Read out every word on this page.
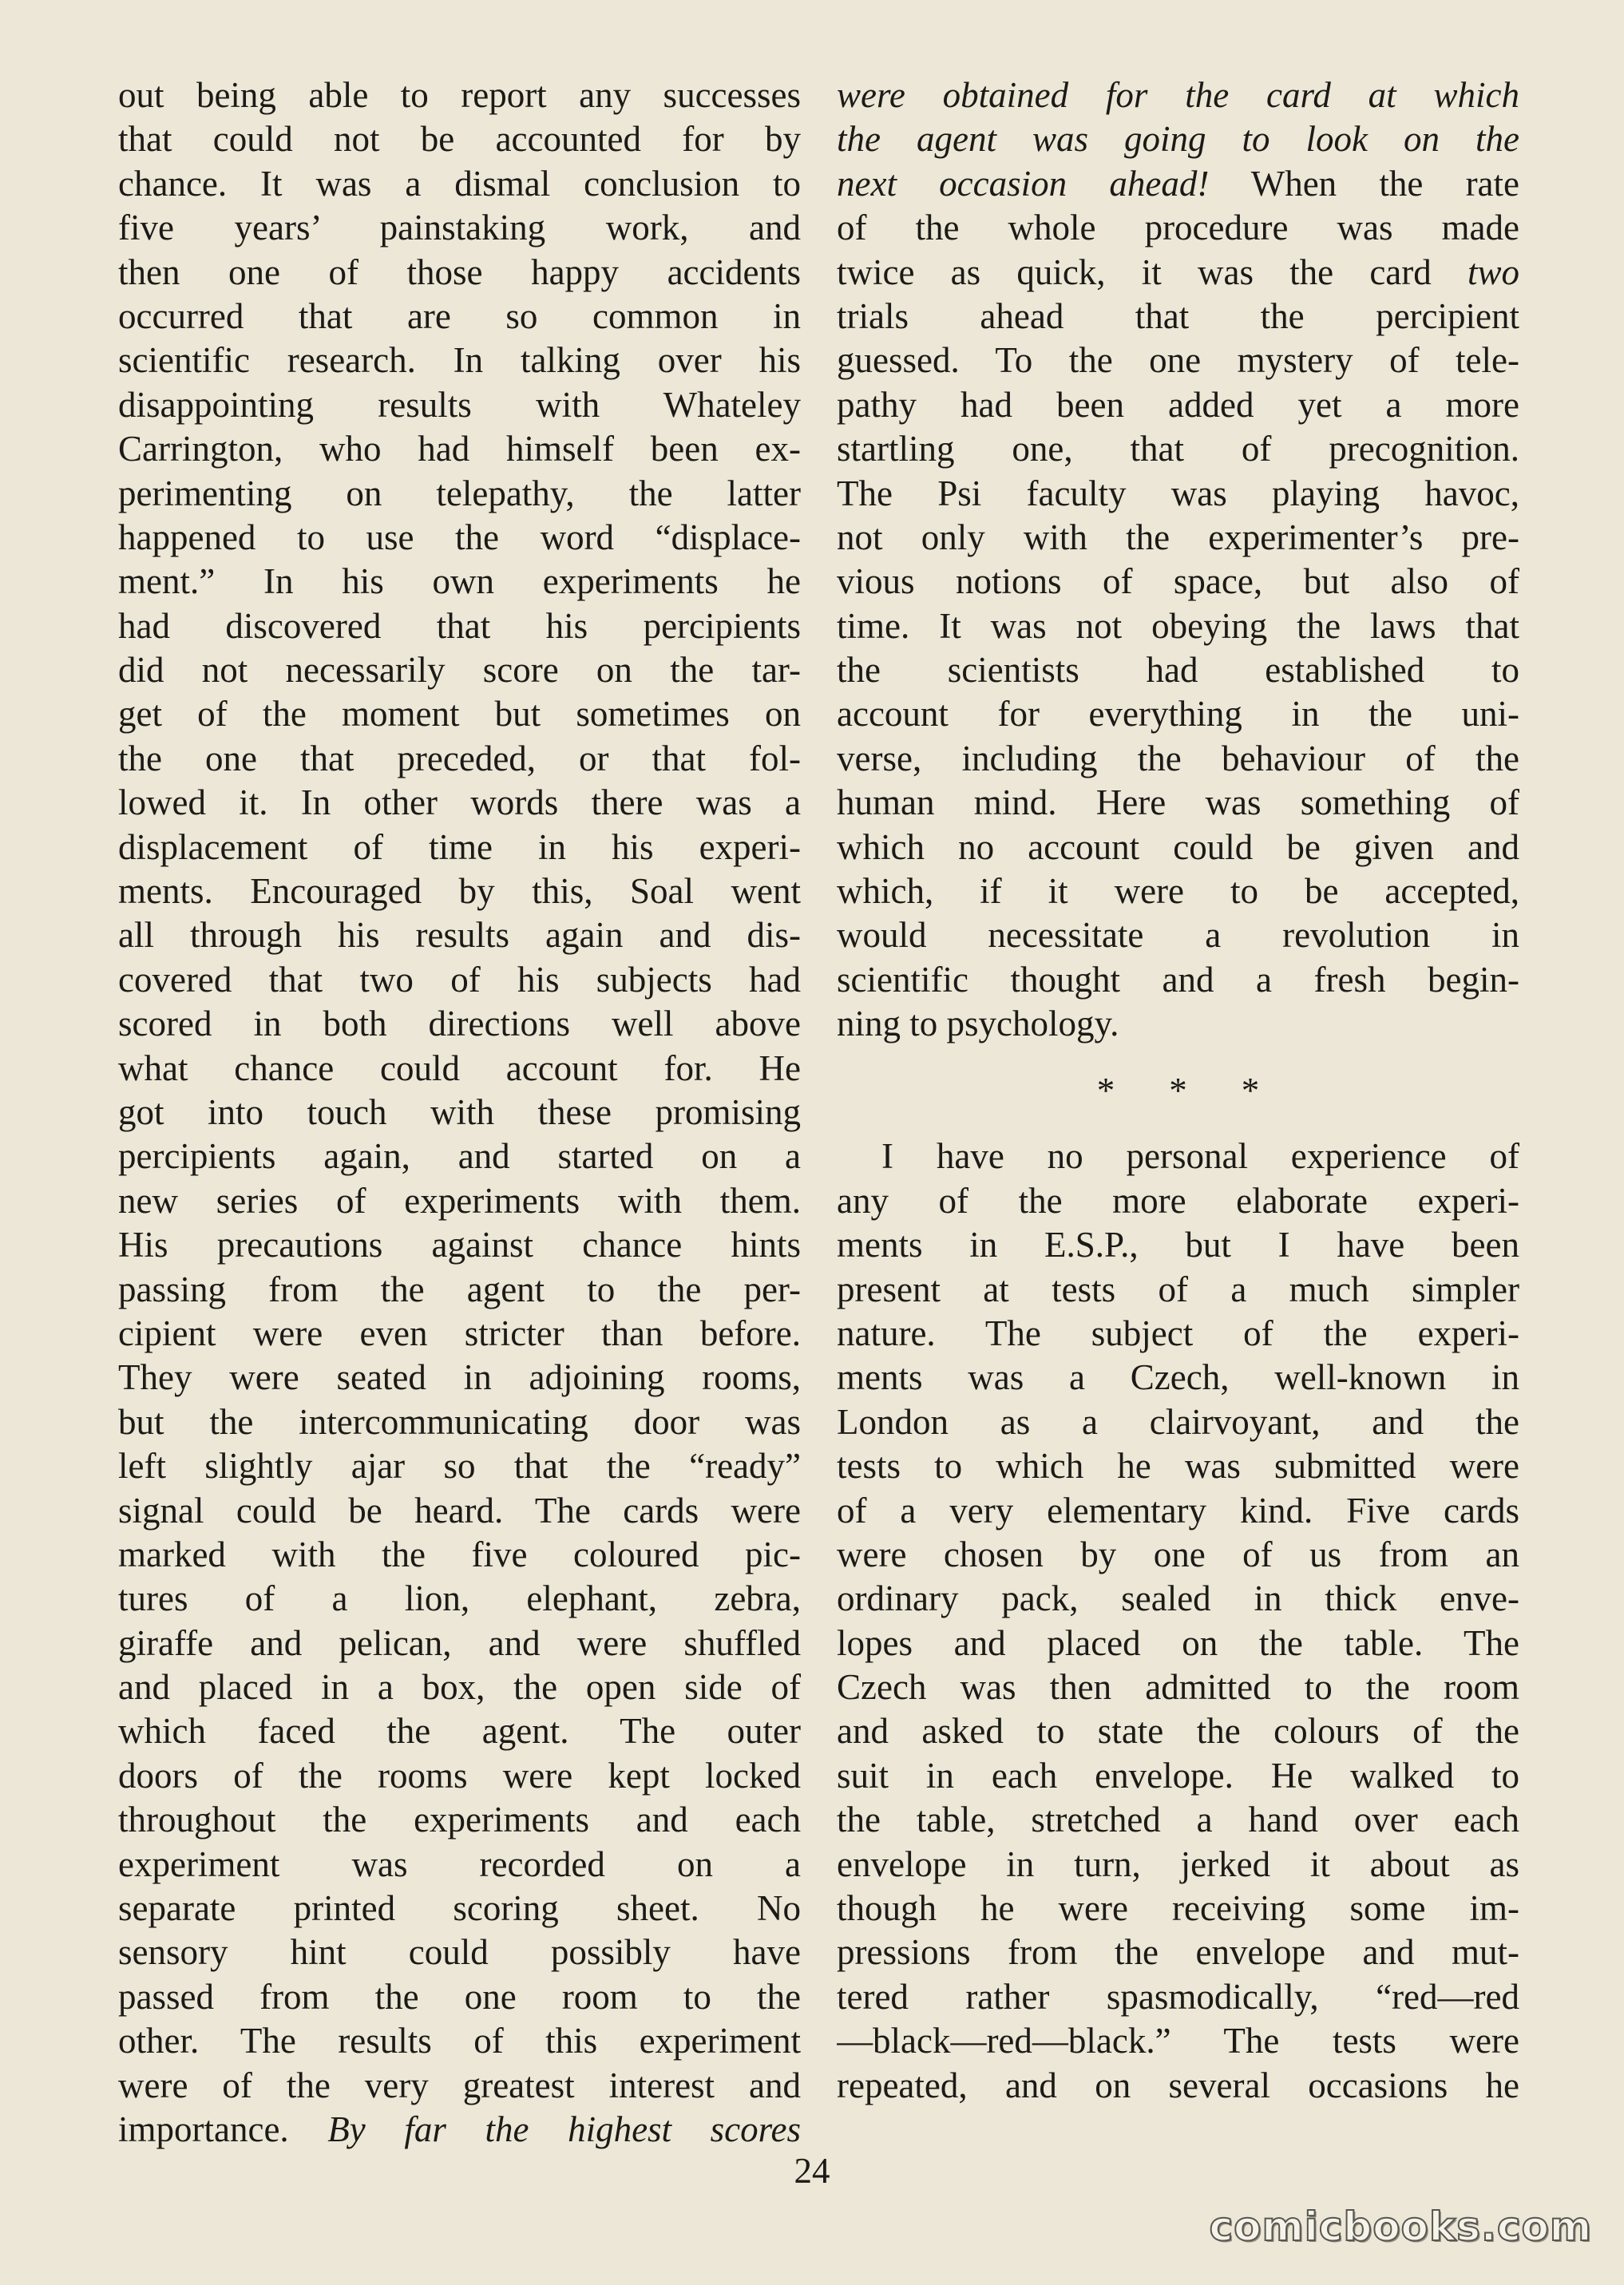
out being able to report any successes
that could not be accounted for by
chance. It was a dismal conclusion to
five years’ painstaking work, and
then one of those happy accidents
occurred that are so common in
scientific research. In talking over his
disappointing results with Whateley
Carrington, who had himself been ex-
perimenting on telepathy, the latter
happened to use the word “displace-
ment.” In his own experiments he
had discovered that his percipients
did not necessarily score on the tar-
get of the moment but sometimes on
the one that preceded, or that fol-
lowed it. In other words there was a
displacement of time in his experi-
ments. Encouraged by this, Soal went
all through his results again and dis-
covered that two of his subjects had
scored in both directions well above
what chance could account for. He
got into touch with these promising
percipients again, and started on a
new series of experiments with them.
His precautions against chance hints
passing from the agent to the per-
cipient were even stricter than before.
They were seated in adjoining rooms,
but the intercommunicating door was
left slightly ajar so that the “ready”
signal could be heard. The cards were
marked with the five coloured pic-
tures of a lion, elephant, zebra,
giraffe and pelican, and were shuffled
and placed in a box, the open side of
which faced the agent. The outer
doors of the rooms were kept locked
throughout the experiments and each
experiment was recorded on a
separate printed scoring sheet. No
sensory hint could possibly have
passed from the one room to the
other. The results of this experiment
were of the very greatest interest and
importance. By far the highest scores
were obtained for the card at which
the agent was going to look on the
next occasion ahead! When the rate
of the whole procedure was made
twice as quick, it was the card two
trials ahead that the percipient
guessed. To the one mystery of tele-
pathy had been added yet a more
startling one, that of precognition.
The Psi faculty was playing havoc,
not only with the experimenter’s pre-
vious notions of space, but also of
time. It was not obeying the laws that
the scientists had established to
account for everything in the uni-
verse, including the behaviour of the
human mind. Here was something of
which no account could be given and
which, if it were to be accepted,
would necessitate a revolution in
scientific thought and a fresh begin-
ning to psychology.
* * *
I have no personal experience of
any of the more elaborate experi-
ments in E.S.P., but I have been
present at tests of a much simpler
nature. The subject of the experi-
ments was a Czech, well-known in
London as a clairvoyant, and the
tests to which he was submitted were
of a very elementary kind. Five cards
were chosen by one of us from an
ordinary pack, sealed in thick enve-
lopes and placed on the table. The
Czech was then admitted to the room
and asked to state the colours of the
suit in each envelope. He walked to
the table, stretched a hand over each
envelope in turn, jerked it about as
though he were receiving some im-
pressions from the envelope and mut-
tered rather spasmodically, “red—red
—black—red—black.” The tests were
repeated, and on several occasions he
24
comicbooks.com
